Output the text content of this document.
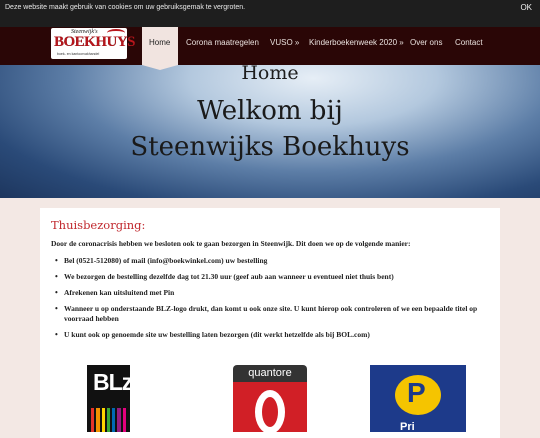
Deze website maakt gebruik van cookies om uw gebruiksgemak te vergroten.	OK
Steenwijk's
BOEKHUYS
boek- en kantoorvakhandel
Corona maatregelen VUSO » Kinderboekenweek 2020 » Over ons Contact
Home
Home
Welkom bij
Steenwijks Boekhuys
Thuisbezorging:

Door de coronacrisis hebben we besloten ook te gaan bezorgen in Steenwijk. Dit doen we op de volgende manier:

• Bel (0521-512080) of mail (info@boekwinkel.com) uw bestelling
• We bezorgen de bestelling dezelfde dag tot 21.30 uur (geef aub aan wanneer u eventueel niet thuis bent)
• Afrekenen kan uitsluitend met Pin
• Wanneer u op onderstaande BLZ-logo drukt, dan komt u ook onze site. U kunt hierop ook controleren of we een bepaalde titel op voorraad hebben
• U kunt ook op genoemde site uw bestelling laten bezorgen (dit werkt hetzelfde als bij BOL.com)
BLz.	quantore
P
Pri
